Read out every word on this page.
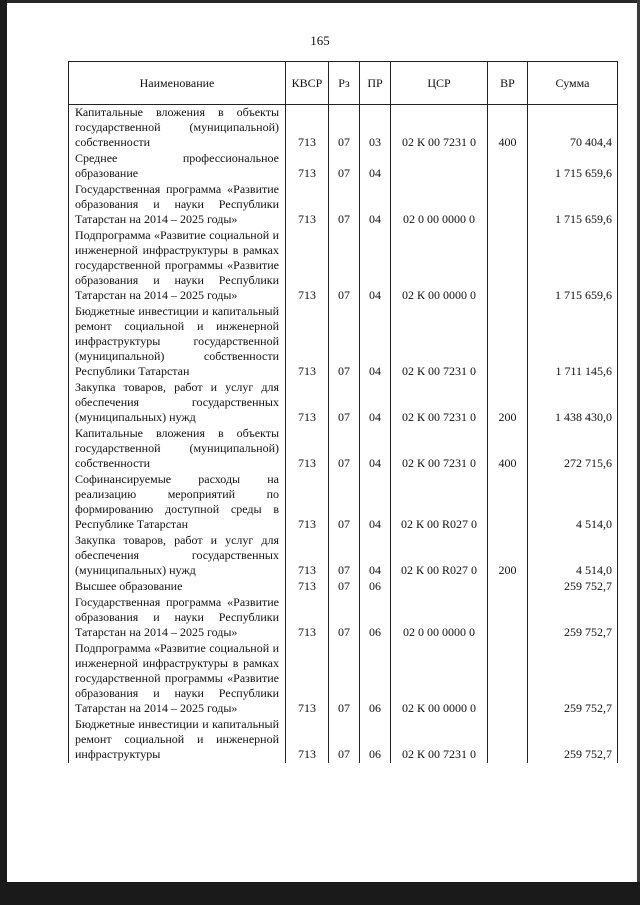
165
Наименование	КВСР	Рз	ПР	ЦСР	ВР	Сумма
Капитальные вложения в объекты государственной (муниципальной) собственности	713	07	03	02 К 00 7231 0	400	70 404,4
Среднее профессиональное образование	713	07	04			1 715 659,6
Государственная программа «Развитие образования и науки Республики Татарстан на 2014 – 2025 годы»	713	07	04	02 0 00 0000 0		1 715 659,6
Подпрограмма «Развитие социальной и инженерной инфраструктуры в рамках государственной программы «Развитие образования и науки Республики Татарстан на 2014 – 2025 годы»	713	07	04	02 К 00 0000 0		1 715 659,6
Бюджетные инвестиции и капитальный ремонт социальной и инженерной инфраструктуры государственной (муниципальной) собственности Республики Татарстан	713	07	04	02 К 00 7231 0		1 711 145,6
Закупка товаров, работ и услуг для обеспечения государственных (муниципальных) нужд	713	07	04	02 К 00 7231 0	200	1 438 430,0
Капитальные вложения в объекты государственной (муниципальной) собственности	713	07	04	02 К 00 7231 0	400	272 715,6
Софинансируемые расходы на реализацию мероприятий по формированию доступной среды в Республике Татарстан	713	07	04	02 К 00 R027 0		4 514,0
Закупка товаров, работ и услуг для обеспечения государственных (муниципальных) нужд	713	07	04	02 К 00 R027 0	200	4 514,0
Высшее образование	713	07	06			259 752,7
Государственная программа «Развитие образования и науки Республики Татарстан на 2014 – 2025 годы»	713	07	06	02 0 00 0000 0		259 752,7
Подпрограмма «Развитие социальной и инженерной инфраструктуры в рамках государственной программы «Развитие образования и науки Республики Татарстан на 2014 – 2025 годы»	713	07	06	02 К 00 0000 0		259 752,7
Бюджетные инвестиции и капитальный ремонт социальной и инженерной инфраструктуры	713	07	06	02 К 00 7231 0		259 752,7
